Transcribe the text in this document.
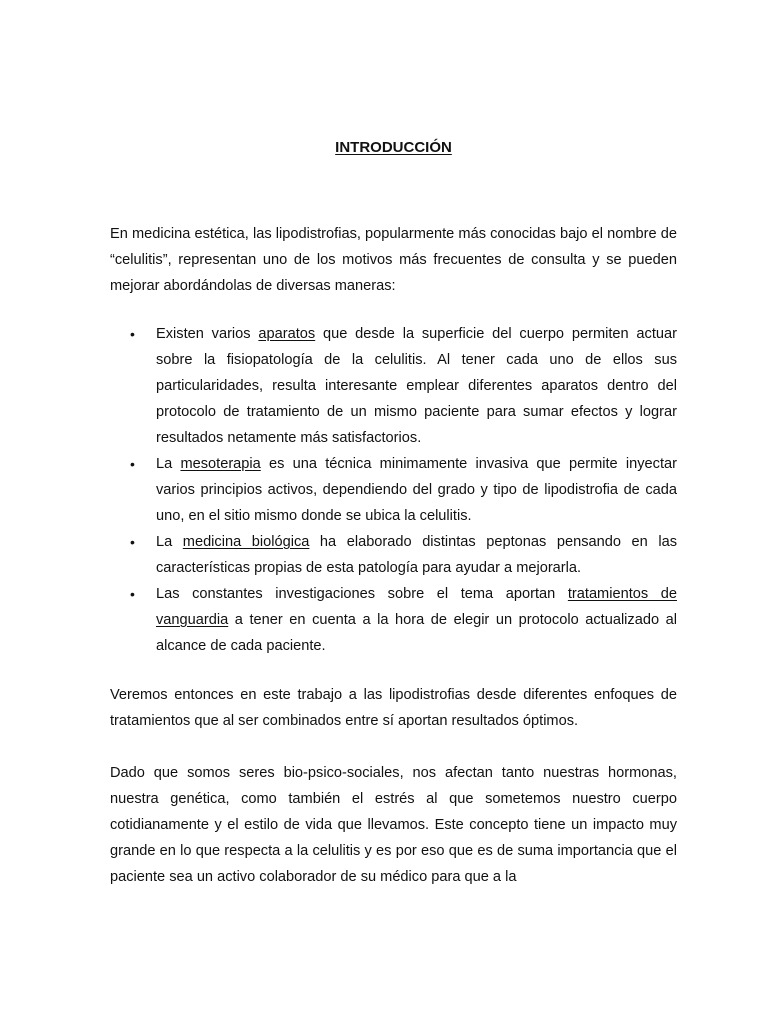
INTRODUCCIÓN

En medicina estética, las lipodistrofias, popularmente más conocidas bajo el nombre de “celulitis”, representan uno de los motivos más frecuentes de consulta y se pueden mejorar abordándolas de diversas maneras:

• Existen varios aparatos que desde la superficie del cuerpo permiten actuar sobre la fisiopatología de la celulitis. Al tener cada uno de ellos sus particularidades, resulta interesante emplear diferentes aparatos dentro del protocolo de tratamiento de un mismo paciente para sumar efectos y lograr resultados netamente más satisfactorios.
• La mesoterapia es una técnica minimamente invasiva que permite inyectar varios principios activos, dependiendo del grado y tipo de lipodistrofia de cada uno, en el sitio mismo donde se ubica la celulitis.
• La medicina biológica ha elaborado distintas peptonas pensando en las características propias de esta patología para ayudar a mejorarla.
• Las constantes investigaciones sobre el tema aportan tratamientos de vanguardia a tener en cuenta a la hora de elegir un protocolo actualizado al alcance de cada paciente.

Veremos entonces en este trabajo a las lipodistrofias desde diferentes enfoques de tratamientos que al ser combinados entre sí aportan resultados óptimos.

Dado que somos seres bio-psico-sociales, nos afectan tanto nuestras hormonas, nuestra genética, como también el estrés al que sometemos nuestro cuerpo cotidianamente y el estilo de vida que llevamos. Este concepto tiene un impacto muy grande en lo que respecta a la celulitis y es por eso que es de suma importancia que el paciente sea un activo colaborador de su médico para que a la
